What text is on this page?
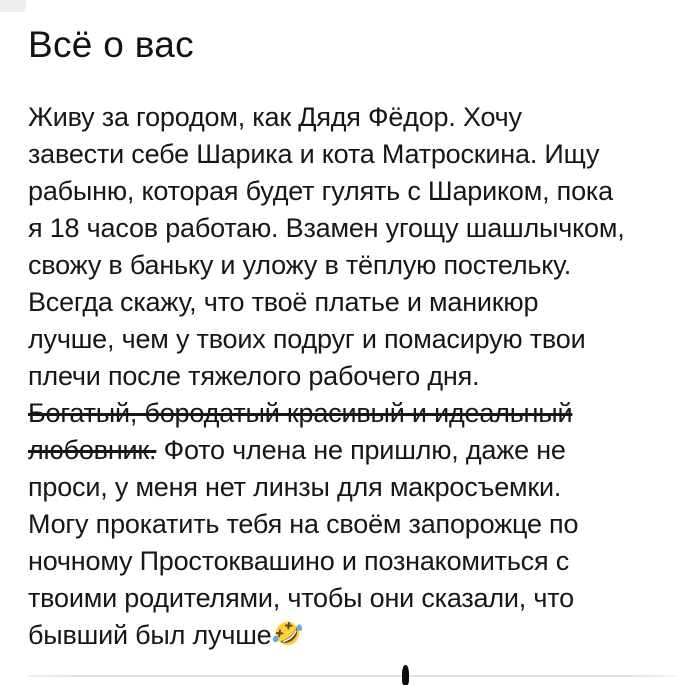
Всё о вас
Живу за городом, как Дядя Фёдор. Хочу
завести себе Шарика и кота Матроскина. Ищу
рабыню, которая будет гулять с Шариком, пока
я 18 часов работаю. Взамен угощу шашлычком,
свожу в баньку и уложу в тёплую постельку.
Всегда скажу, что твоё платье и маникюр
лучше, чем у твоих подруг и помасирую твои
плечи после тяжелого рабочего дня.
Богатый, бородатый красивый и идеальный
любовник. Фото члена не пришлю, даже не
проси, у меня нет линзы для макросъемки.
Могу прокатить тебя на своём запорожце по
ночному Простоквашино и познакомиться с
твоими родителями, чтобы они сказали, что
бывший был лучше
